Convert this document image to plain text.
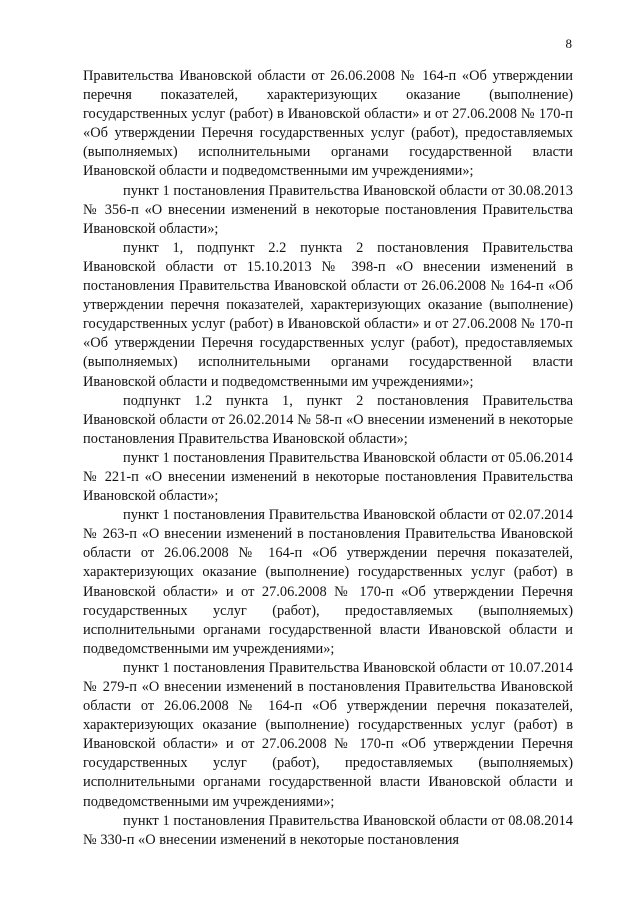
8

Правительства Ивановской области от 26.06.2008 № 164-п «Об утверждении перечня показателей, характеризующих оказание (выполнение) государственных услуг (работ) в Ивановской области» и от 27.06.2008 № 170-п «Об утверждении Перечня государственных услуг (работ), предоставляемых (выполняемых) исполнительными органами государственной власти Ивановской области и подведомственными им учреждениями»;

пункт 1 постановления Правительства Ивановской области от 30.08.2013 № 356-п «О внесении изменений в некоторые постановления Правительства Ивановской области»;

пункт 1, подпункт 2.2 пункта 2 постановления Правительства Ивановской области от 15.10.2013 № 398-п «О внесении изменений в постановления Правительства Ивановской области от 26.06.2008 № 164-п «Об утверждении перечня показателей, характеризующих оказание (выполнение) государственных услуг (работ) в Ивановской области» и от 27.06.2008 № 170-п «Об утверждении Перечня государственных услуг (работ), предоставляемых (выполняемых) исполнительными органами государственной власти Ивановской области и подведомственными им учреждениями»;

подпункт 1.2 пункта 1, пункт 2 постановления Правительства Ивановской области от 26.02.2014 № 58-п «О внесении изменений в некоторые постановления Правительства Ивановской области»;

пункт 1 постановления Правительства Ивановской области от 05.06.2014 № 221-п «О внесении изменений в некоторые постановления Правительства Ивановской области»;

пункт 1 постановления Правительства Ивановской области от 02.07.2014 № 263-п «О внесении изменений в постановления Правительства Ивановской области от 26.06.2008 № 164-п «Об утверждении перечня показателей, характеризующих оказание (выполнение) государственных услуг (работ) в Ивановской области» и от 27.06.2008 № 170-п «Об утверждении Перечня государственных услуг (работ), предоставляемых (выполняемых) исполнительными органами государственной власти Ивановской области и подведомственными им учреждениями»;

пункт 1 постановления Правительства Ивановской области от 10.07.2014 № 279-п «О внесении изменений в постановления Правительства Ивановской области от 26.06.2008 № 164-п «Об утверждении перечня показателей, характеризующих оказание (выполнение) государственных услуг (работ) в Ивановской области» и от 27.06.2008 № 170-п «Об утверждении Перечня государственных услуг (работ), предоставляемых (выполняемых) исполнительными органами государственной власти Ивановской области и подведомственными им учреждениями»;

пункт 1 постановления Правительства Ивановской области от 08.08.2014 № 330-п «О внесении изменений в некоторые постановления
